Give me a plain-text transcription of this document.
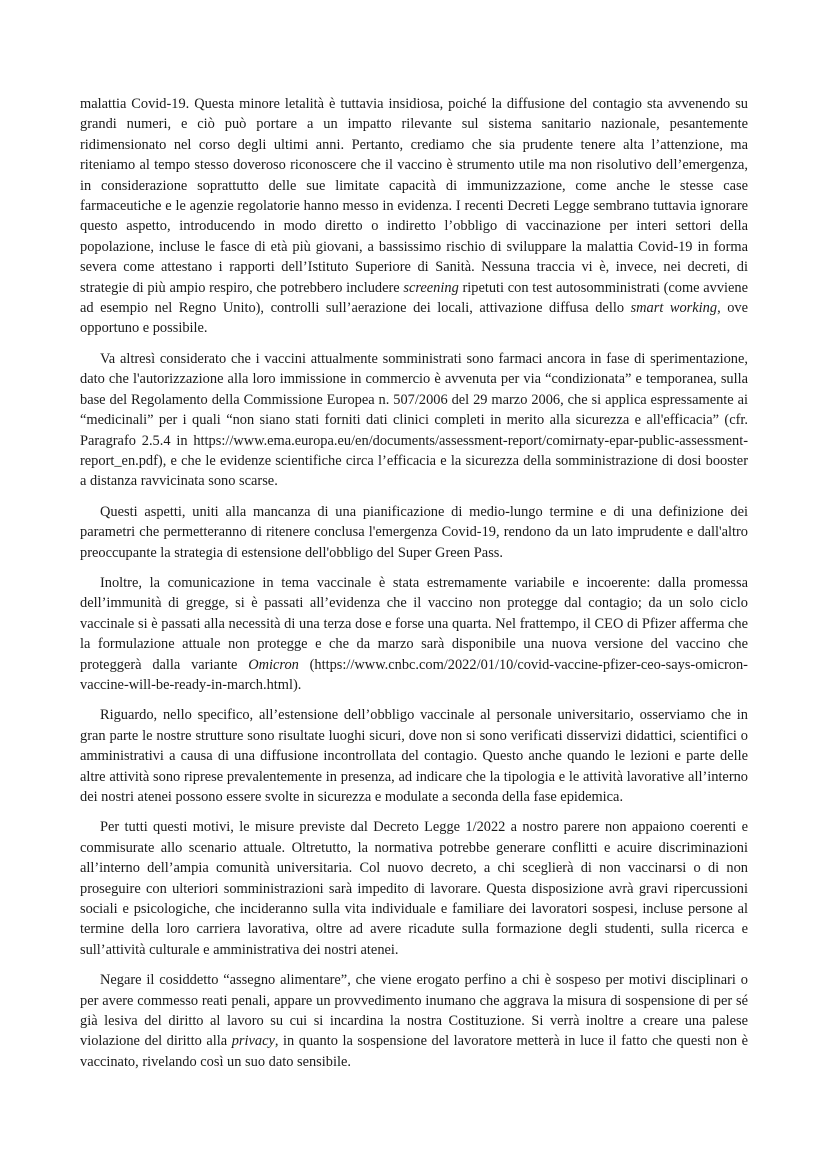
malattia Covid-19. Questa minore letalità è tuttavia insidiosa, poiché la diffusione del contagio sta avvenendo su grandi numeri, e ciò può portare a un impatto rilevante sul sistema sanitario nazionale, pesantemente ridimensionato nel corso degli ultimi anni. Pertanto, crediamo che sia prudente tenere alta l’attenzione, ma riteniamo al tempo stesso doveroso riconoscere che il vaccino è strumento utile ma non risolutivo dell’emergenza, in considerazione soprattutto delle sue limitate capacità di immunizzazione, come anche le stesse case farmaceutiche e le agenzie regolatorie hanno messo in evidenza. I recenti Decreti Legge sembrano tuttavia ignorare questo aspetto, introducendo in modo diretto o indiretto l’obbligo di vaccinazione per interi settori della popolazione, incluse le fasce di età più giovani, a bassissimo rischio di sviluppare la malattia Covid-19 in forma severa come attestano i rapporti dell’Istituto Superiore di Sanità. Nessuna traccia vi è, invece, nei decreti, di strategie di più ampio respiro, che potrebbero includere screening ripetuti con test autosomministrati (come avviene ad esempio nel Regno Unito), controlli sull’aerazione dei locali, attivazione diffusa dello smart working, ove opportuno e possibile.

Va altresì considerato che i vaccini attualmente somministrati sono farmaci ancora in fase di sperimentazione, dato che l'autorizzazione alla loro immissione in commercio è avvenuta per via “condizionata” e temporanea, sulla base del Regolamento della Commissione Europea n. 507/2006 del 29 marzo 2006, che si applica espressamente ai “medicinali” per i quali “non siano stati forniti dati clinici completi in merito alla sicurezza e all'efficacia” (cfr. Paragrafo 2.5.4 in https://www.ema.europa.eu/en/documents/assessment-report/comirnaty-epar-public-assessment-report_en.pdf), e che le evidenze scientifiche circa l’efficacia e la sicurezza della somministrazione di dosi booster a distanza ravvicinata sono scarse.

Questi aspetti, uniti alla mancanza di una pianificazione di medio-lungo termine e di una definizione dei parametri che permetteranno di ritenere conclusa l'emergenza Covid-19, rendono da un lato imprudente e dall'altro preoccupante la strategia di estensione dell'obbligo del Super Green Pass.

Inoltre, la comunicazione in tema vaccinale è stata estremamente variabile e incoerente: dalla promessa dell’immunità di gregge, si è passati all’evidenza che il vaccino non protegge dal contagio; da un solo ciclo vaccinale si è passati alla necessità di una terza dose e forse una quarta. Nel frattempo, il CEO di Pfizer afferma che la formulazione attuale non protegge e che da marzo sarà disponibile una nuova versione del vaccino che proteggerà dalla variante Omicron (https://www.cnbc.com/2022/01/10/covid-vaccine-pfizer-ceo-says-omicron-vaccine-will-be-ready-in-march.html).

Riguardo, nello specifico, all’estensione dell’obbligo vaccinale al personale universitario, osserviamo che in gran parte le nostre strutture sono risultate luoghi sicuri, dove non si sono verificati disservizi didattici, scientifici o amministrativi a causa di una diffusione incontrollata del contagio. Questo anche quando le lezioni e parte delle altre attività sono riprese prevalentemente in presenza, ad indicare che la tipologia e le attività lavorative all’interno dei nostri atenei possono essere svolte in sicurezza e modulate a seconda della fase epidemica.

Per tutti questi motivi, le misure previste dal Decreto Legge 1/2022 a nostro parere non appaiono coerenti e commisurate allo scenario attuale. Oltretutto, la normativa potrebbe generare conflitti e acuire discriminazioni all’interno dell’ampia comunità universitaria. Col nuovo decreto, a chi sceglierà di non vaccinarsi o di non proseguire con ulteriori somministrazioni sarà impedito di lavorare. Questa disposizione avrà gravi ripercussioni sociali e psicologiche, che incideranno sulla vita individuale e familiare dei lavoratori sospesi, incluse persone al termine della loro carriera lavorativa, oltre ad avere ricadute sulla formazione degli studenti, sulla ricerca e sull’attività culturale e amministrativa dei nostri atenei.

Negare il cosiddetto “assegno alimentare”, che viene erogato perfino a chi è sospeso per motivi disciplinari o per avere commesso reati penali, appare un provvedimento inumano che aggrava la misura di sospensione di per sé già lesiva del diritto al lavoro su cui si incardina la nostra Costituzione. Si verrà inoltre a creare una palese violazione del diritto alla privacy, in quanto la sospensione del lavoratore metterà in luce il fatto che questi non è vaccinato, rivelando così un suo dato sensibile.
